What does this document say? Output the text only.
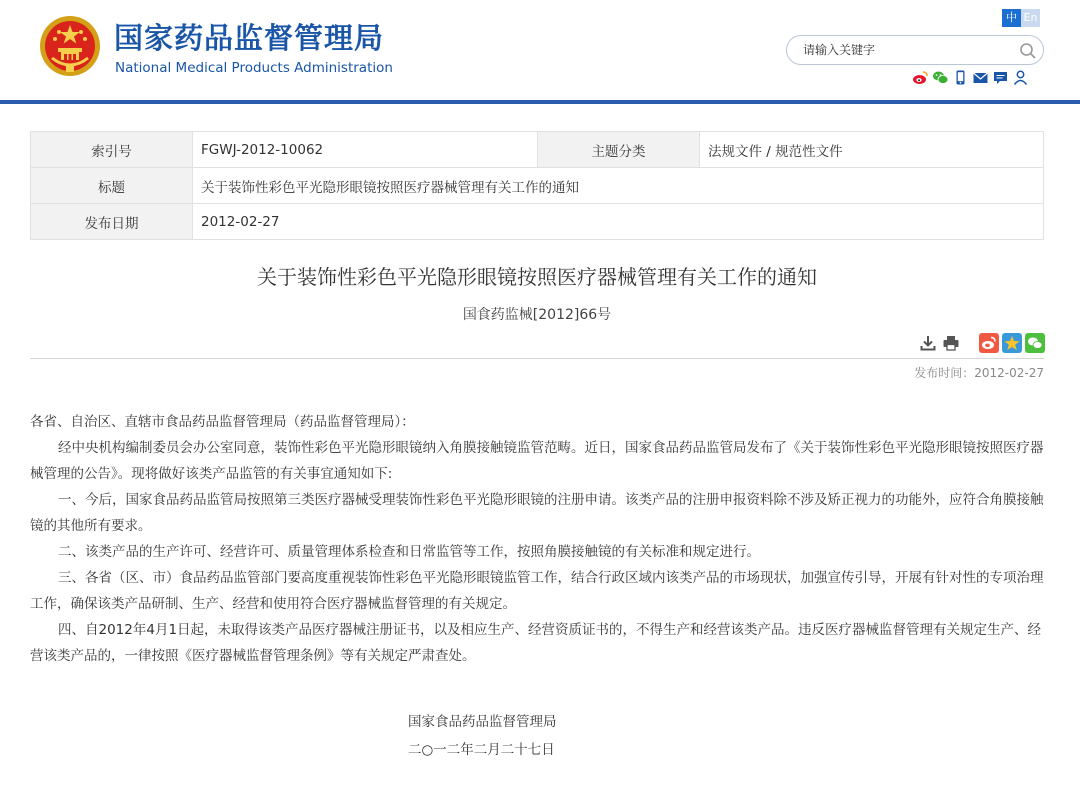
国家药品监督管理局
National Medical Products Administration
中 En
请输入关键字
索引号	FGWJ-2012-10062	主题分类	法规文件 / 规范性文件
标题	关于装饰性彩色平光隐形眼镜按照医疗器械管理有关工作的通知		
发布日期	2012-02-27		
关于装饰性彩色平光隐形眼镜按照医疗器械管理有关工作的通知
国食药监械[2012]66号
发布时间：2012-02-27

各省、自治区、直辖市食品药品监督管理局（药品监督管理局）：

经中央机构编制委员会办公室同意，装饰性彩色平光隐形眼镜纳入角膜接触镜监管范畴。近日，国家食品药品监管局发布了《关于装饰性彩色平光隐形眼镜按照医疗器械管理的公告》。现将做好该类产品监管的有关事宜通知如下:

一、今后，国家食品药品监管局按照第三类医疗器械受理装饰性彩色平光隐形眼镜的注册申请。该类产品的注册申报资料除不涉及矫正视力的功能外，应符合角膜接触镜的其他所有要求。

二、该类产品的生产许可、经营许可、质量管理体系检查和日常监管等工作，按照角膜接触镜的有关标准和规定进行。

三、各省（区、市）食品药品监管部门要高度重视装饰性彩色平光隐形眼镜监管工作，结合行政区域内该类产品的市场现状，加强宣传引导，开展有针对性的专项治理工作，确保该类产品研制、生产、经营和使用符合医疗器械监督管理的有关规定。

四、自2012年4月1日起，未取得该类产品医疗器械注册证书，以及相应生产、经营资质证书的，不得生产和经营该类产品。违反医疗器械监督管理有关规定生产、经营该类产品的，一律按照《医疗器械监督管理条例》等有关规定严肃查处。

国家食品药品监督管理局
二○一二年二月二十七日
